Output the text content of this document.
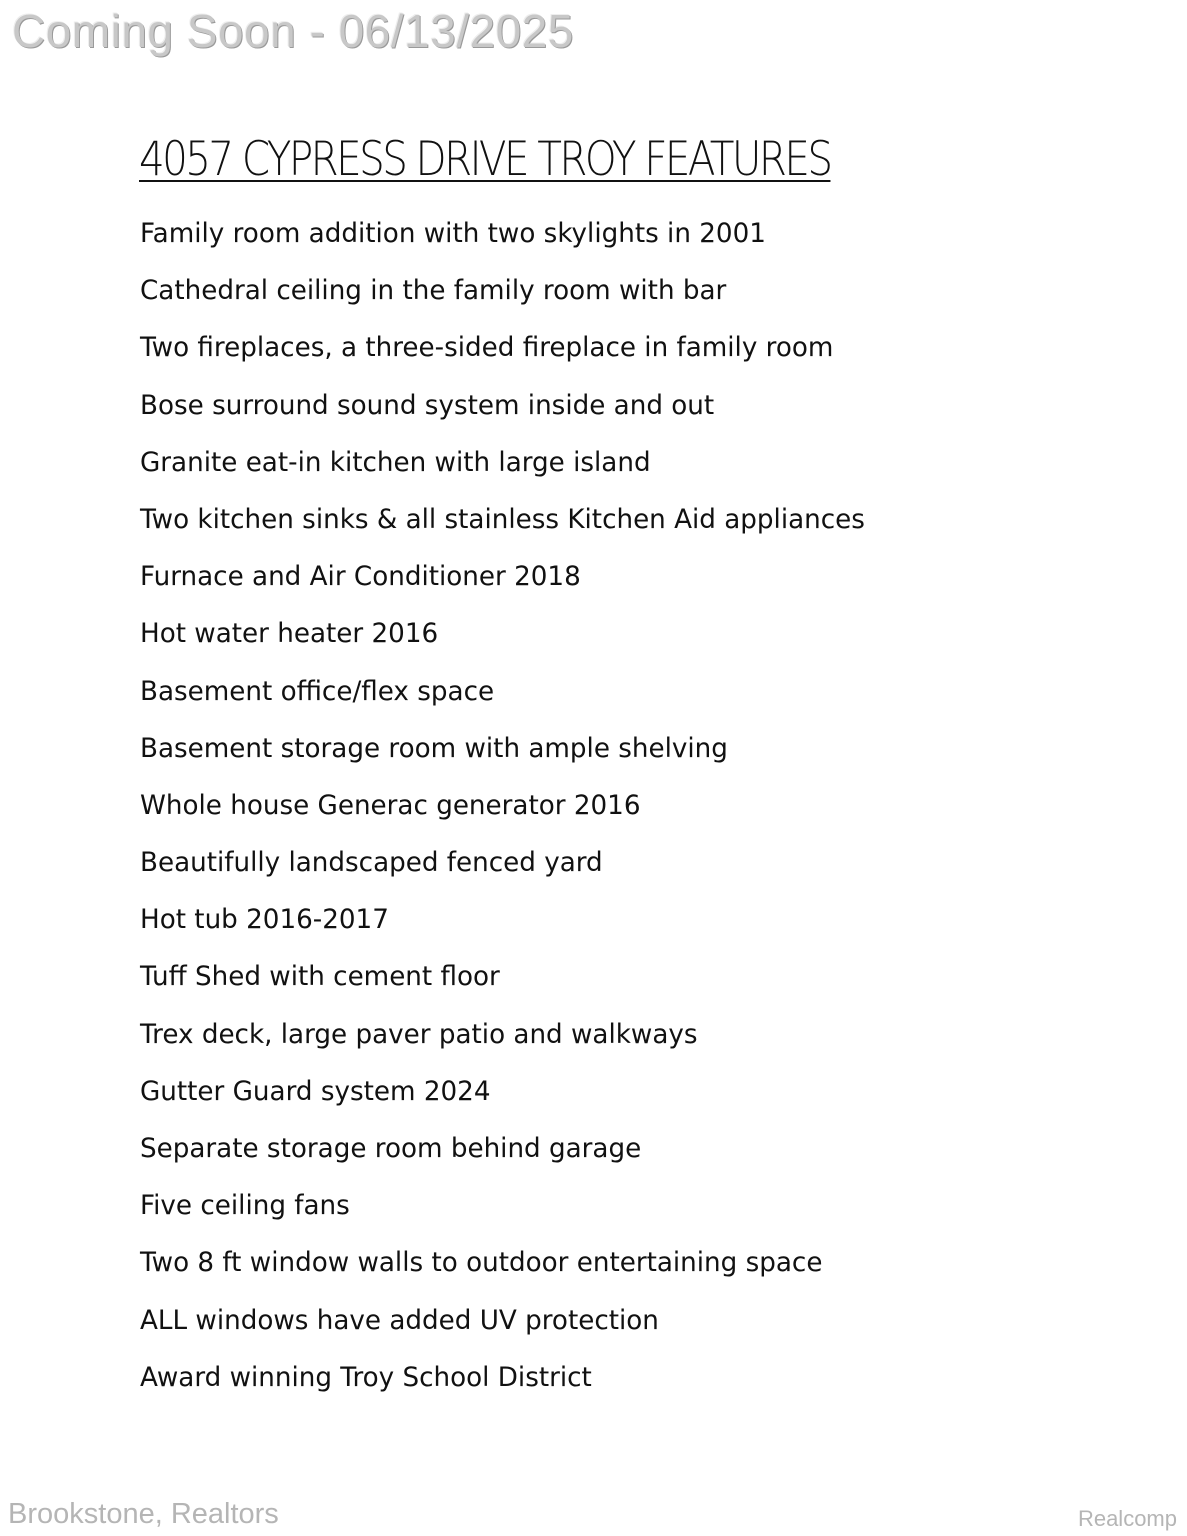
Coming Soon - 06/13/2025
4057 CYPRESS DRIVE TROY FEATURES
Family room addition with two skylights in 2001
Cathedral ceiling in the family room with bar
Two fireplaces, a three-sided fireplace in family room
Bose surround sound system inside and out
Granite eat-in kitchen with large island
Two kitchen sinks & all stainless Kitchen Aid appliances
Furnace and Air Conditioner 2018
Hot water heater 2016
Basement office/flex space
Basement storage room with ample shelving
Whole house Generac generator 2016
Beautifully landscaped fenced yard
Hot tub 2016-2017
Tuff Shed with cement floor
Trex deck, large paver patio and walkways
Gutter Guard system 2024
Separate storage room behind garage
Five ceiling fans
Two 8 ft window walls to outdoor entertaining space
ALL windows have added UV protection
Award winning Troy School District
Brookstone, Realtors	Realcomp
